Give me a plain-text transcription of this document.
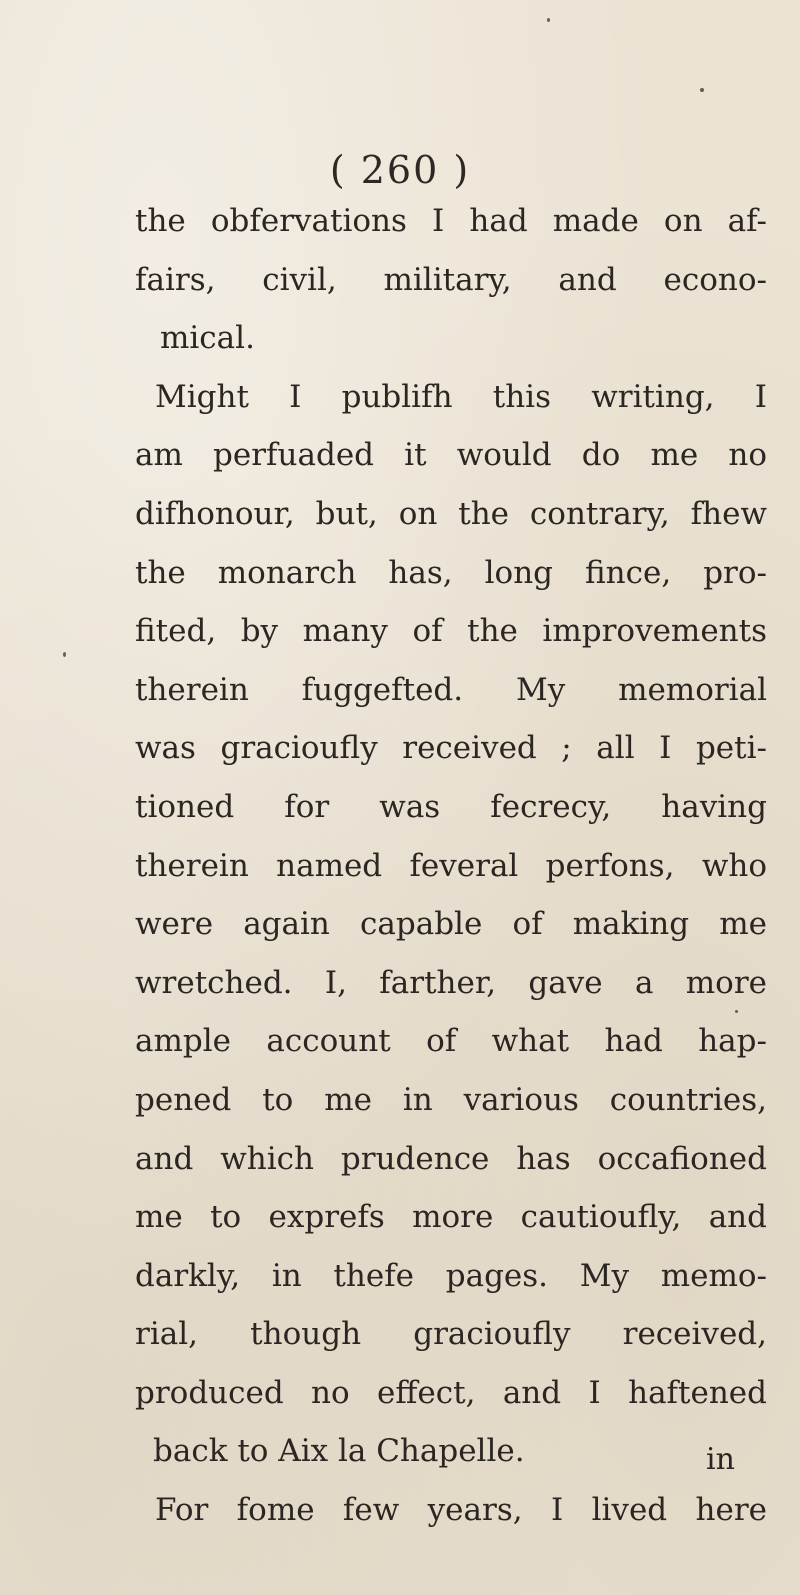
( 260 )
the obfervations I had made on af-
fairs, civil, military, and econo-
mical.
Might I publifh this writing, I
am perfuaded it would do me no
difhonour, but, on the contrary, fhew
the monarch has, long fince, pro-
fited, by many of the improvements
therein fuggefted. My memorial
was gracioufly received ; all I peti-
tioned for was fecrecy, having
therein named feveral perfons, who
were again capable of making me
wretched. I, farther, gave a more
ample account of what had hap-
pened to me in various countries,
and which prudence has occafioned
me to exprefs more cautioufly, and
darkly, in thefe pages. My memo-
rial, though gracioufly received,
produced no effect, and I haftened
back to Aix la Chapelle.
For fome few years, I lived here
in
